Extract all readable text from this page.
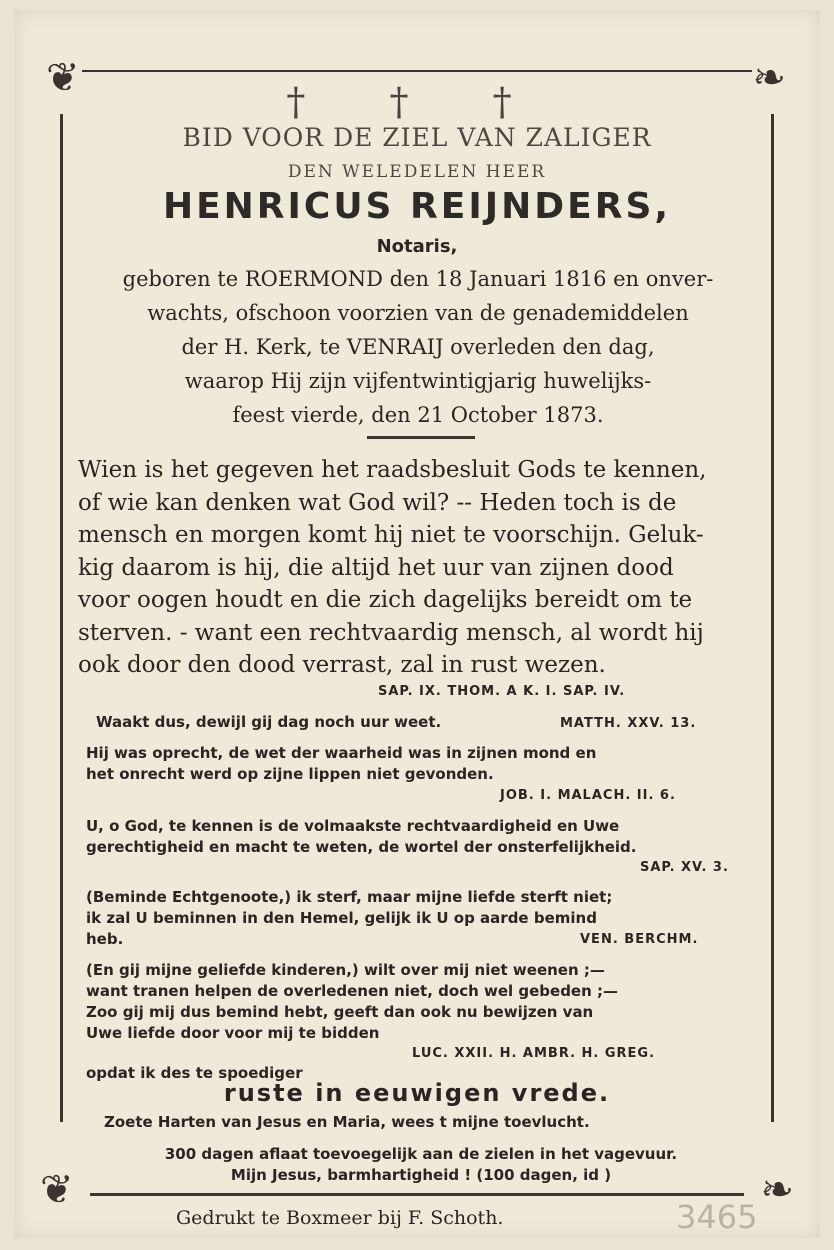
❦	❧
❦	❧
† † †
BID VOOR DE ZIEL VAN ZALIGER
DEN WELEDELEN HEER
HENRICUS REIJNDERS,
Notaris,
geboren te ROERMOND den 18 Januari 1816 en onver-
wachts, ofschoon voorzien van de genademiddelen
der H. Kerk, te VENRAIJ overleden den dag,
waarop Hij zijn vijfentwintigjarig huwelijks-
feest vierde, den 21 October 1873.
Wien is het gegeven het raadsbesluit Gods te kennen,
of wie kan denken wat God wil? -- Heden toch is de
mensch en morgen komt hij niet te voorschijn. Geluk-
kig daarom is hij, die altijd het uur van zijnen dood
voor oogen houdt en die zich dagelijks bereidt om te
sterven. - want een rechtvaardig mensch, al wordt hij
ook door den dood verrast, zal in rust wezen.
SAP. IX. THOM. A K. I. SAP. IV.
Waakt dus, dewijl gij dag noch uur weet.	MATTH. XXV. 13.
Hij was oprecht, de wet der waarheid was in zijnen mond en
het onrecht werd op zijne lippen niet gevonden.
JOB. I. MALACH. II. 6.
U, o God, te kennen is de volmaakste rechtvaardigheid en Uwe
gerechtigheid en macht te weten, de wortel der onsterfelijkheid.
SAP. XV. 3.
(Beminde Echtgenoote,) ik sterf, maar mijne liefde sterft niet;
ik zal U beminnen in den Hemel, gelijk ik U op aarde bemind
heb.	VEN. BERCHM.
(En gij mijne geliefde kinderen,) wilt over mij niet weenen ;—
want tranen helpen de overledenen niet, doch wel gebeden ;—
Zoo gij mij dus bemind hebt, geeft dan ook nu bewijzen van
Uwe liefde door voor mij te bidden
LUC. XXII. H. AMBR. H. GREG.
opdat ik des te spoediger
ruste in eeuwigen vrede.
Zoete Harten van Jesus en Maria, wees t mijne toevlucht.
300 dagen aflaat toevoegelijk aan de zielen in het vagevuur.
Mijn Jesus, barmhartigheid ! (100 dagen, id )
Gedrukt te Boxmeer bij F. Schoth.	3465
